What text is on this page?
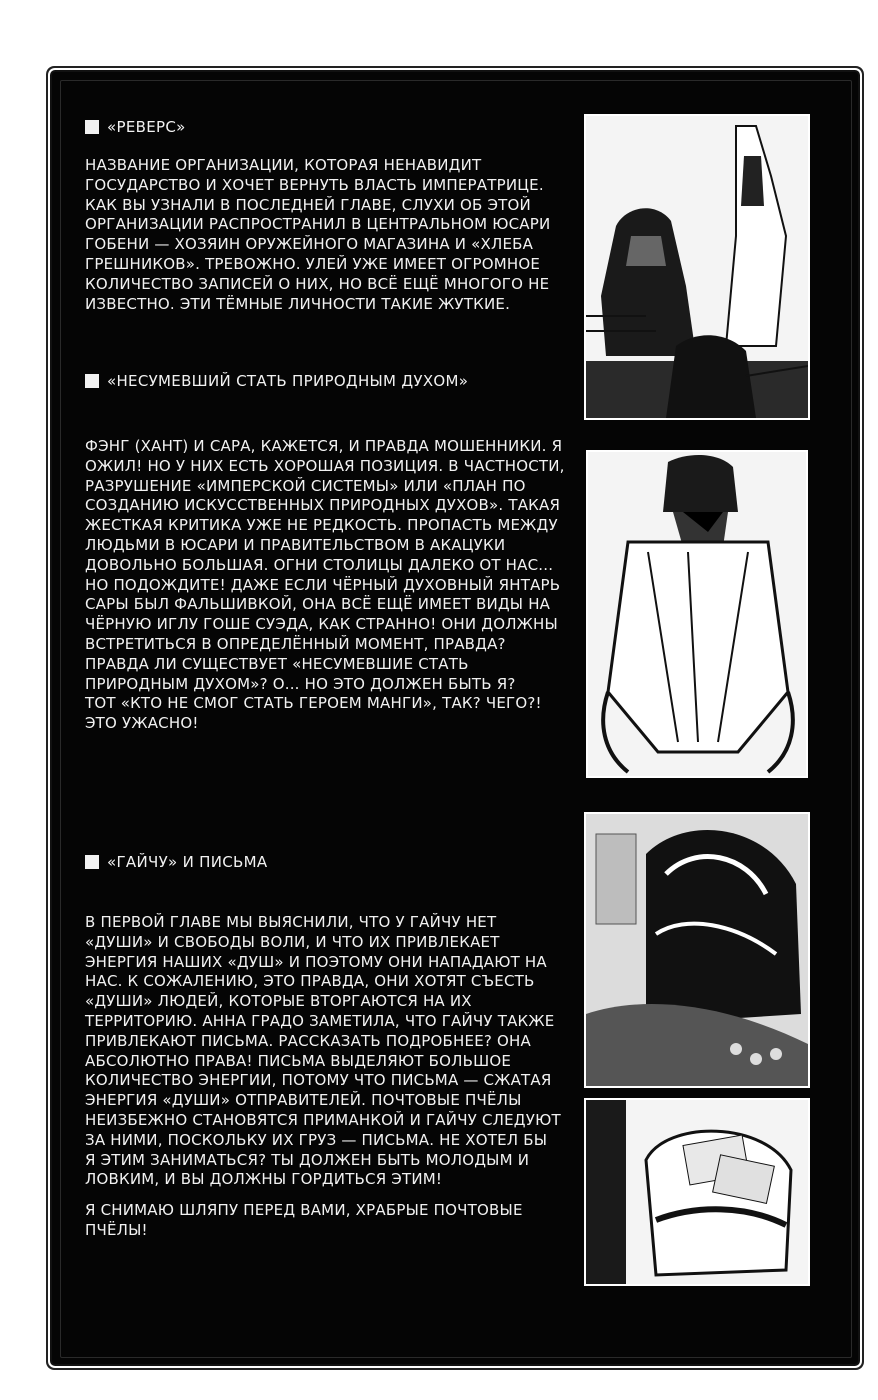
«РЕВЕРС»

НАЗВАНИЕ ОРГАНИЗАЦИИ, КОТОРАЯ НЕНАВИДИТ
ГОСУДАРСТВО И ХОЧЕТ ВЕРНУТЬ ВЛАСТЬ ИМПЕРАТРИЦЕ.
КАК ВЫ УЗНАЛИ В ПОСЛЕДНЕЙ ГЛАВЕ, СЛУХИ ОБ ЭТОЙ
ОРГАНИЗАЦИИ РАСПРОСТРАНИЛ В ЦЕНТРАЛЬНОМ ЮСАРИ
ГОБЕНИ — ХОЗЯИН ОРУЖЕЙНОГО МАГАЗИНА И «ХЛЕБА
ГРЕШНИКОВ». ТРЕВОЖНО. УЛЕЙ УЖЕ ИМЕЕТ ОГРОМНОЕ
КОЛИЧЕСТВО ЗАПИСЕЙ О НИХ, НО ВСЁ ЕЩЁ МНОГОГО НЕ
ИЗВЕСТНО. ЭТИ ТЁМНЫЕ ЛИЧНОСТИ ТАКИЕ ЖУТКИЕ.

«НЕСУМЕВШИЙ СТАТЬ ПРИРОДНЫМ ДУХОМ»

ФЭНГ (ХАНТ) И САРА, КАЖЕТСЯ, И ПРАВДА МОШЕННИКИ. Я
ОЖИЛ! НО У НИХ ЕСТЬ ХОРОШАЯ ПОЗИЦИЯ. В ЧАСТНОСТИ,
РАЗРУШЕНИЕ «ИМПЕРСКОЙ СИСТЕМЫ» ИЛИ «ПЛАН ПО
СОЗДАНИЮ ИСКУССТВЕННЫХ ПРИРОДНЫХ ДУХОВ». ТАКАЯ
ЖЕСТКАЯ КРИТИКА УЖЕ НЕ РЕДКОСТЬ. ПРОПАСТЬ МЕЖДУ
ЛЮДЬМИ В ЮСАРИ И ПРАВИТЕЛЬСТВОМ В АКАЦУКИ
ДОВОЛЬНО БОЛЬШАЯ. ОГНИ СТОЛИЦЫ ДАЛЕКО ОТ НАС...
НО ПОДОЖДИТЕ! ДАЖЕ ЕСЛИ ЧЁРНЫЙ ДУХОВНЫЙ ЯНТАРЬ
САРЫ БЫЛ ФАЛЬШИВКОЙ, ОНА ВСЁ ЕЩЁ ИМЕЕТ ВИДЫ НА
ЧЁРНУЮ ИГЛУ ГОШЕ СУЭДА, КАК СТРАННО! ОНИ ДОЛЖНЫ
ВСТРЕТИТЬСЯ В ОПРЕДЕЛЁННЫЙ МОМЕНТ, ПРАВДА?
ПРАВДА ЛИ СУЩЕСТВУЕТ «НЕСУМЕВШИЕ СТАТЬ
ПРИРОДНЫМ ДУХОМ»? О... НО ЭТО ДОЛЖЕН БЫТЬ Я?
ТОТ «КТО НЕ СМОГ СТАТЬ ГЕРОЕМ МАНГИ», ТАК? ЧЕГО?!
ЭТО УЖАСНО!

«ГАЙЧУ» И ПИСЬМА

В ПЕРВОЙ ГЛАВЕ МЫ ВЫЯСНИЛИ, ЧТО У ГАЙЧУ НЕТ
«ДУШИ» И СВОБОДЫ ВОЛИ, И ЧТО ИХ ПРИВЛЕКАЕТ
ЭНЕРГИЯ НАШИХ «ДУШ» И ПОЭТОМУ ОНИ НАПАДАЮТ НА
НАС. К СОЖАЛЕНИЮ, ЭТО ПРАВДА, ОНИ ХОТЯТ СЪЕСТЬ
«ДУШИ» ЛЮДЕЙ, КОТОРЫЕ ВТОРГАЮТСЯ НА ИХ
ТЕРРИТОРИЮ. АННА ГРАДО ЗАМЕТИЛА, ЧТО ГАЙЧУ ТАКЖЕ
ПРИВЛЕКАЮТ ПИСЬМА. РАССКАЗАТЬ ПОДРОБНЕЕ? ОНА
АБСОЛЮТНО ПРАВА! ПИСЬМА ВЫДЕЛЯЮТ БОЛЬШОЕ
КОЛИЧЕСТВО ЭНЕРГИИ, ПОТОМУ ЧТО ПИСЬМА — СЖАТАЯ
ЭНЕРГИЯ «ДУШИ» ОТПРАВИТЕЛЕЙ. ПОЧТОВЫЕ ПЧЁЛЫ
НЕИЗБЕЖНО СТАНОВЯТСЯ ПРИМАНКОЙ И ГАЙЧУ СЛЕДУЮТ
ЗА НИМИ, ПОСКОЛЬКУ ИХ ГРУЗ — ПИСЬМА. НЕ ХОТЕЛ БЫ
Я ЭТИМ ЗАНИМАТЬСЯ? ТЫ ДОЛЖЕН БЫТЬ МОЛОДЫМ И
ЛОВКИМ, И ВЫ ДОЛЖНЫ ГОРДИТЬСЯ ЭТИМ!

Я СНИМАЮ ШЛЯПУ ПЕРЕД ВАМИ, ХРАБРЫЕ ПОЧТОВЫЕ
ПЧЁЛЫ!
